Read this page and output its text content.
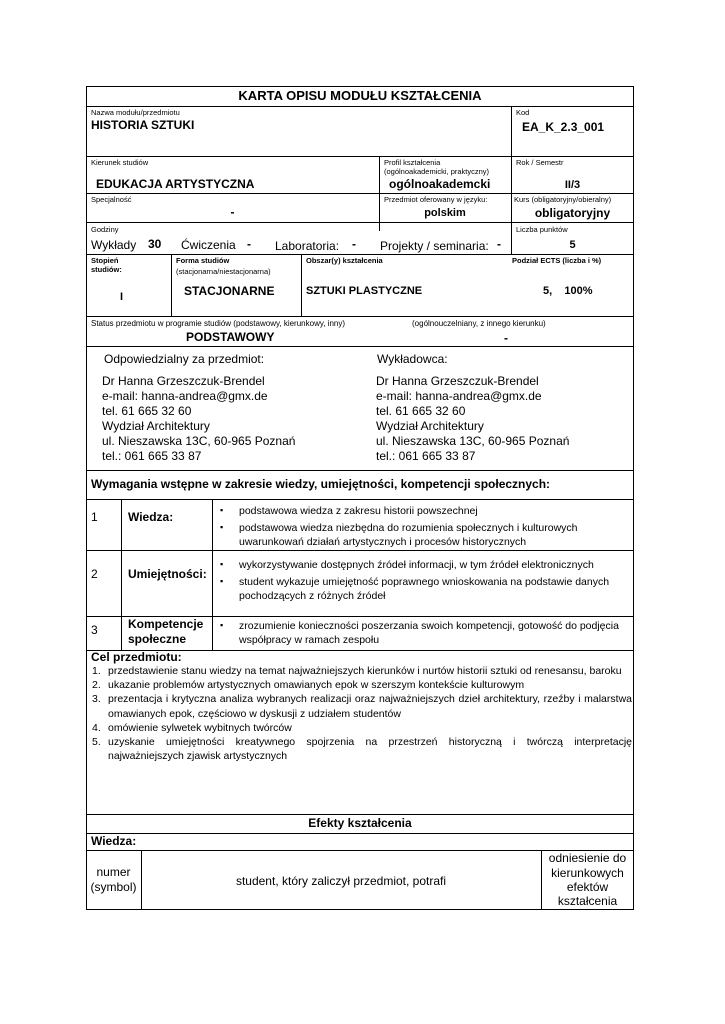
KARTA OPISU MODUŁU KSZTAŁCENIA
Nazwa modułu/przedmiotu
HISTORIA SZTUKI
Kod
EA_K_2.3_001
Kierunek studiów
EDUKACJA ARTYSTYCZNA
Profil kształcenia
(ogólnoakademicki, praktyczny)
ogólnoakademcki
Rok / Semestr
II/3
Specjalność
-
Przedmiot oferowany w języku:
polskim
Kurs (obligatoryjny/obieralny)
obligatoryjny
Godziny
Wykłady 30 Ćwiczenia - Laboratoria: - Projekty / seminaria: -
Liczba punktów
5
Stopień
studiów:
I
Forma studiów
(stacjonarna/niestacjonarna)
STACJONARNE
Obszar(y) kształcenia
SZTUKI PLASTYCZNE
Podział ECTS (liczba i %)
5,    100%
Status przedmiotu w programie studiów (podstawowy, kierunkowy, inny)	(ogólnouczelniany, z innego kierunku)
PODSTAWOWY	-
Odpowiedzialny za przedmiot:	Wykładowca:
Dr Hanna Grzeszczuk-Brendel
e-mail: hanna-andrea@gmx.de
tel. 61 665 32 60
Wydział Architektury
ul. Nieszawska 13C, 60-965 Poznań
tel.: 061 665 33 87
Dr Hanna Grzeszczuk-Brendel
e-mail: hanna-andrea@gmx.de
tel. 61 665 32 60
Wydział Architektury
ul. Nieszawska 13C, 60-965 Poznań
tel.: 061 665 33 87
Wymagania wstępne w zakresie wiedzy, umiejętności, kompetencji społecznych:
1	Wiedza:	▪ podstawowa wiedza z zakresu historii powszechnej
▪ podstawowa wiedza niezbędna do rozumienia społecznych i kulturowych uwarunkowań działań artystycznych i procesów historycznych
2	Umiejętności:
▪ wykorzystywanie dostępnych źródeł informacji, w tym źródeł elektronicznych
▪ student wykazuje umiejętność poprawnego wnioskowania na podstawie danych pochodzących z różnych źródeł
3	Kompetencje
społeczne
▪ zrozumienie konieczności poszerzania swoich kompetencji, gotowość do podjęcia współpracy w ramach zespołu
Cel przedmiotu:
1. przedstawienie stanu wiedzy na temat najważniejszych kierunków i nurtów historii sztuki od renesansu, baroku
2. ukazanie problemów artystycznych omawianych epok w szerszym kontekście kulturowym
3. prezentacja i krytyczna analiza wybranych realizacji oraz najważniejszych dzieł architektury, rzeźby i malarstwa omawianych epok, częściowo w dyskusji z udziałem studentów
4. omówienie sylwetek wybitnych twórców
5. uzyskanie umiejętności kreatywnego spojrzenia na przestrzeń historyczną i twórczą interpretację najważniejszych zjawisk artystycznych
Efekty kształcenia
Wiedza:
numer
(symbol)	student, który zaliczył przedmiot, potrafi
odniesienie do
kierunkowych
efektów
kształcenia
